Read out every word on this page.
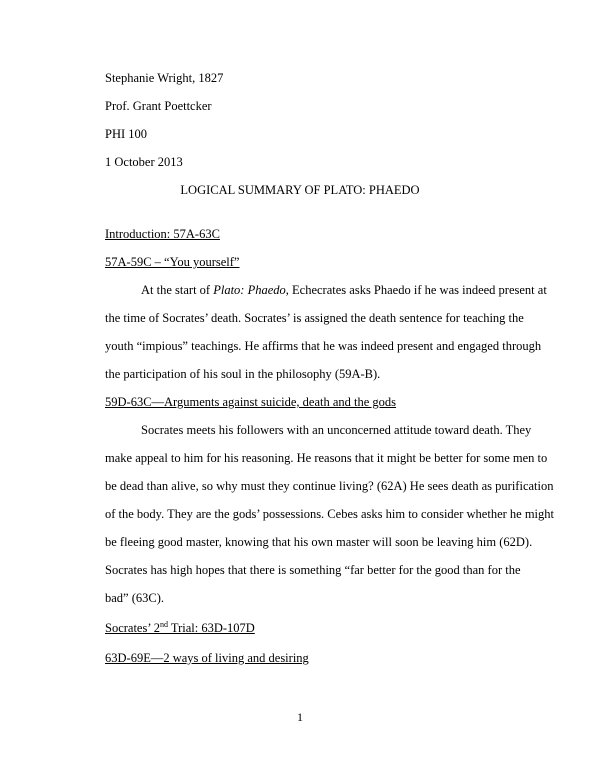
Stephanie Wright, 1827
Prof. Grant Poettcker
PHI 100
1 October 2013
LOGICAL SUMMARY OF PLATO: PHAEDO
Introduction: 57A-63C
57A-59C – “You yourself”
At the start of Plato: Phaedo, Echecrates asks Phaedo if he was indeed present at
the time of Socrates’ death. Socrates’ is assigned the death sentence for teaching the
youth “impious” teachings. He affirms that he was indeed present and engaged through
the participation of his soul in the philosophy (59A-B).
59D-63C—Arguments against suicide, death and the gods
Socrates meets his followers with an unconcerned attitude toward death. They
make appeal to him for his reasoning. He reasons that it might be better for some men to
be dead than alive, so why must they continue living? (62A) He sees death as purification
of the body. They are the gods’ possessions. Cebes asks him to consider whether he might
be fleeing good master, knowing that his own master will soon be leaving him (62D).
Socrates has high hopes that there is something “far better for the good than for the
bad” (63C).
Socrates’ 2nd Trial: 63D-107D
63D-69E—2 ways of living and desiring
1
